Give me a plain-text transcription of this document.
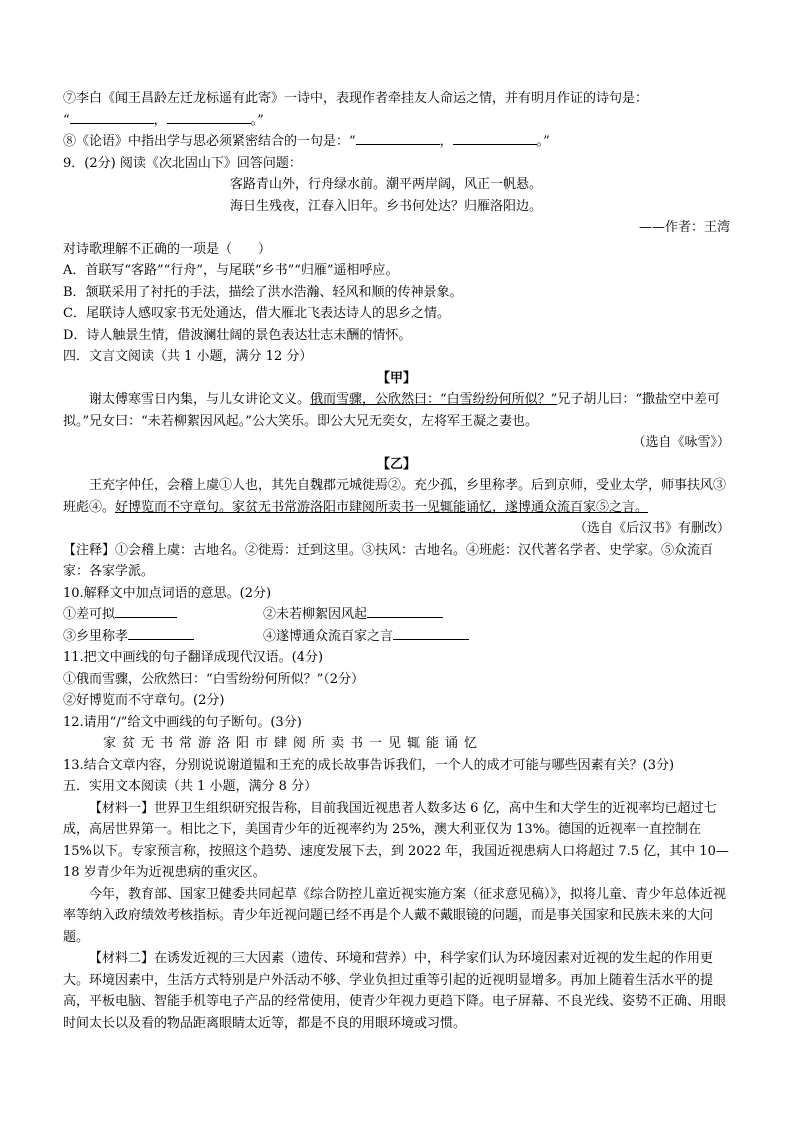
⑦李白《闻王昌龄左迁龙标遥有此寄》一诗中，表现作者牵挂友人命运之情，并有明月作证的诗句是：
“	，	。”
⑧《论语》中指出学与思必须紧密结合的一句是：“	，	。”
9．(2分) 阅读《次北固山下》回答问题：
客路青山外，行舟绿水前。潮平两岸阔，风正一帆悬。
海日生残夜，江春入旧年。乡书何处达？归雁洛阳边。
——作者：王湾
对诗歌理解不正确的一项是（　　）
A．首联写“客路”“行舟”，与尾联“乡书”“归雁”遥相呼应。
B．颔联采用了衬托的手法，描绘了洪水浩瀚、轻风和顺的传神景象。
C．尾联诗人感叹家书无处通达，借大雁北飞表达诗人的思乡之情。
D．诗人触景生情，借波澜壮阔的景色表达壮志未酬的情怀。
四．文言文阅读（共 1 小题，满分 12 分）
【甲】
谢太傅寒雪日内集，与儿女讲论文义。俄而雪骤，公欣然曰：“白雪纷纷何所似？”兄子胡儿曰：“撒盐空中差可拟。”兄女曰：“未若柳絮因风起。”公大笑乐。即公大兄无奕女，左将军王凝之妻也。
（选自《咏雪》）
【乙】
王充字仲任，会稽上虞①人也，其先自魏郡元城徙焉②。充少孤，乡里称孝。后到京师，受业太学，师事扶风③班彪④。好博览而不守章句。家贫无书常游洛阳市肆阅所卖书一见辄能诵忆，遂博通众流百家⑤之言。
（选自《后汉书》有删改）
【注释】①会稽上虞：古地名。②徙焉：迁到这里。③扶风：古地名。④班彪：汉代著名学者、史学家。⑤众流百家：各家学派。
10.解释文中加点词语的意思。(2分)
①差可拟	②未若柳絮因风起
③乡里称孝	④遂博通众流百家之言
11.把文中画线的句子翻译成现代汉语。(4分)
①俄而雪骤，公欣然曰：“白雪纷纷何所似？”（2分）
②好博览而不守章句。(2分)
12.请用“/”给文中画线的句子断句。(3分)
家贫无书常游洛阳市肆阅所卖书一见辄能诵忆
13.结合文章内容，分别说说谢道韫和王充的成长故事告诉我们，一个人的成才可能与哪些因素有关？(3分)
五．实用文本阅读（共 1 小题，满分 8 分）
【材料一】世界卫生组织研究报告称，目前我国近视患者人数多达 6 亿，高中生和大学生的近视率均已超过七成，高居世界第一。相比之下，美国青少年的近视率约为 25%，澳大利亚仅为 13%。德国的近视率一直控制在 15%以下。专家预言称，按照这个趋势、速度发展下去，到 2022 年，我国近视患病人口将超过 7.5 亿，其中 10—18 岁青少年为近视患病的重灾区。
今年，教育部、国家卫健委共同起草《综合防控儿童近视实施方案（征求意见稿）》，拟将儿童、青少年总体近视率等纳入政府绩效考核指标。青少年近视问题已经不再是个人戴不戴眼镜的问题，而是事关国家和民族未来的大问题。
【材料二】在诱发近视的三大因素（遗传、环境和营养）中，科学家们认为环境因素对近视的发生起的作用更大。环境因素中，生活方式特别是户外活动不够、学业负担过重等引起的近视明显增多。再加上随着生活水平的提高，平板电脑、智能手机等电子产品的经常使用，使青少年视力更趋下降。电子屏幕、不良光线、姿势不正确、用眼时间太长以及看的物品距离眼睛太近等，都是不良的用眼环境或习惯。
